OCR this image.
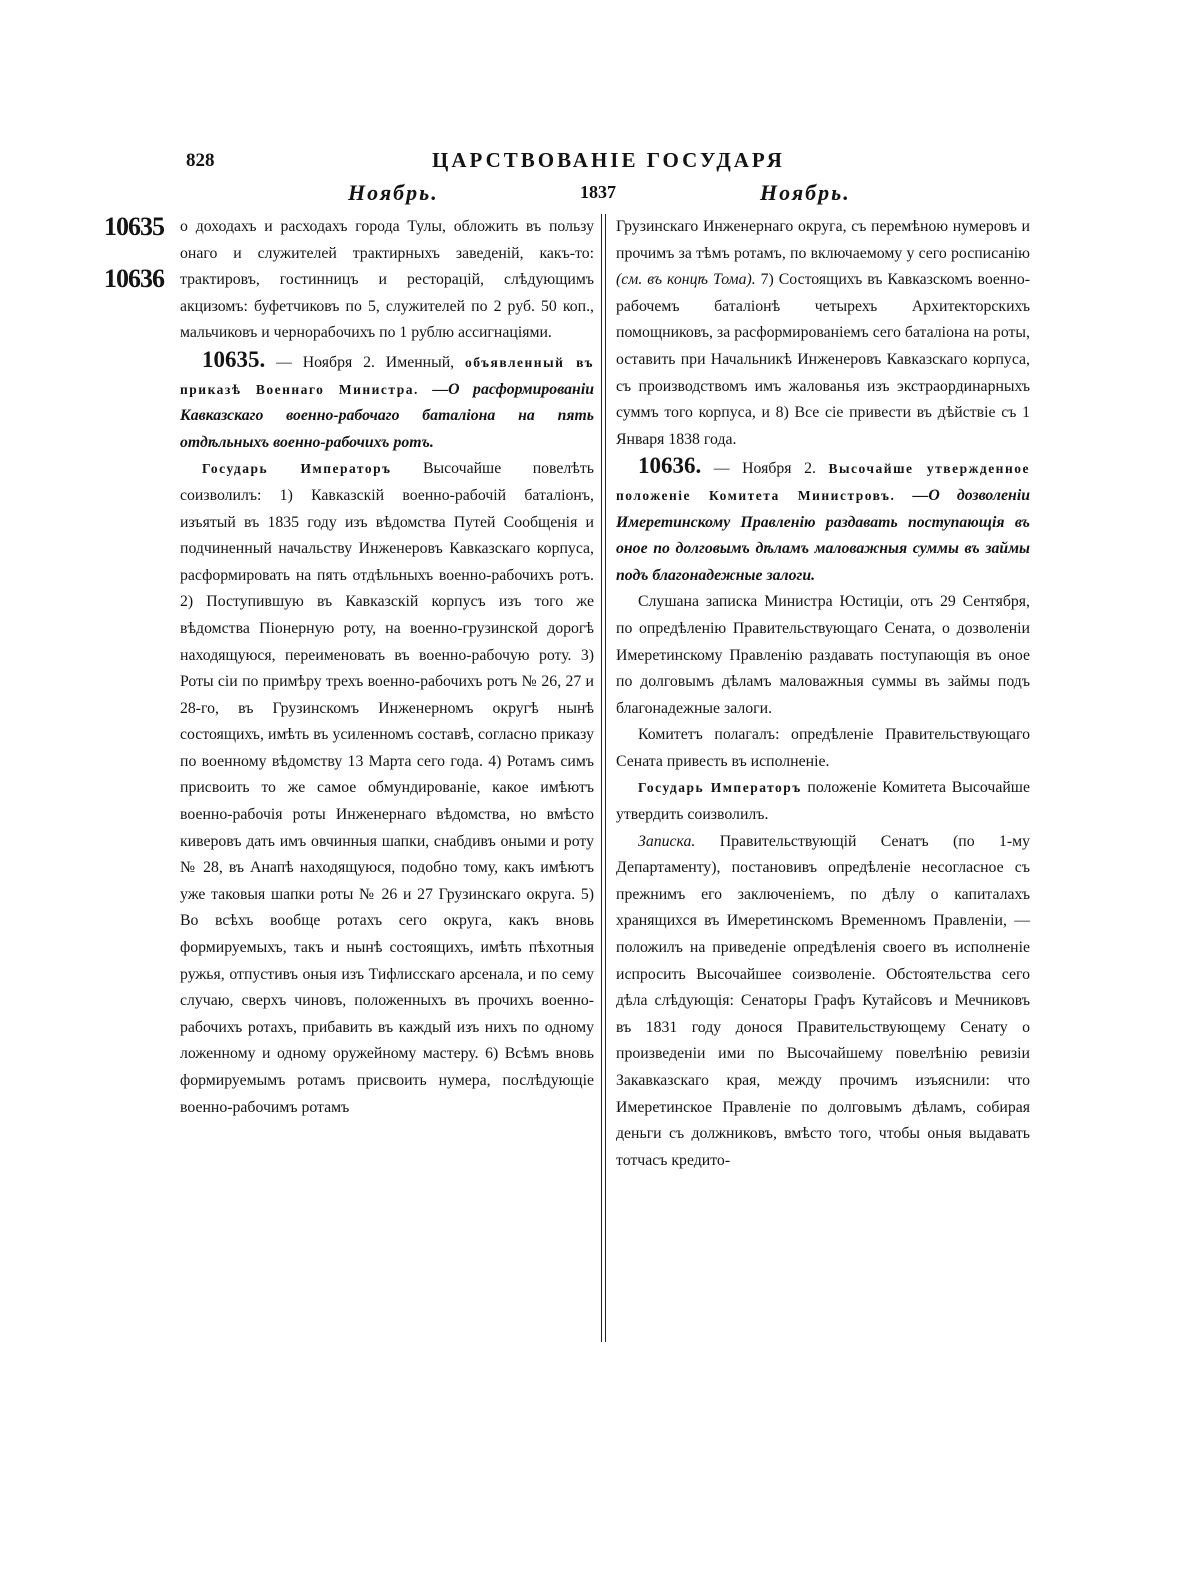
828	ЦАРСТВОВАНІЕ ГОСУДАРЯ
Ноябрь.	1837	Ноябрь.
10635
10636

о доходахъ и расходахъ города Тулы, обложить въ пользу онаго и служителей трактирныхъ заведеній, какъ-то: трактировъ, гостинницъ и ресторацій, слѣдующимъ акцизомъ: буфетчиковъ по 5, служителей по 2 руб. 50 коп., мальчиковъ и чернорабочихъ по 1 рублю ассигнаціями.

10635. — Ноября 2. Именный, объявленный въ приказѣ Военнаго Министра. —О расформированіи Кавказскаго военно-рабочаго баталіона на пять отдѣльныхъ военно-рабочихъ ротъ.

Государь Императоръ Высочайше повелѣть соизволилъ: 1) Кавказскій военно-рабочій баталіонъ, изъятый въ 1835 году изъ вѣдомства Путей Сообщенія и подчиненный начальству Инженеровъ Кавказскаго корпуса, расформировать на пять отдѣльныхъ военно-рабочихъ ротъ. 2) Поступившую въ Кавказскій корпусъ изъ того же вѣдомства Піонерную роту, на военно-грузинской дорогѣ находящуюся, переименовать въ военно-рабочую роту. 3) Роты сіи по примѣру трехъ военно-рабочихъ ротъ № 26, 27 и 28-го, въ Грузинскомъ Инженерномъ округѣ нынѣ состоящихъ, имѣть въ усиленномъ составѣ, согласно приказу по военному вѣдомству 13 Марта сего года. 4) Ротамъ симъ присвоить то же самое обмундированіе, какое имѣютъ военно-рабочія роты Инженернаго вѣдомства, но вмѣсто киверовъ дать имъ овчинныя шапки, снабдивъ оными и роту № 28, въ Анапѣ находящуюся, подобно тому, какъ имѣютъ уже таковыя шапки роты № 26 и 27 Грузинскаго округа. 5) Во всѣхъ вообще ротахъ сего округа, какъ вновь формируемыхъ, такъ и нынѣ состоящихъ, имѣть пѣхотныя ружья, отпустивъ оныя изъ Тифлисскаго арсенала, и по сему случаю, сверхъ чиновъ, положенныхъ въ прочихъ военно-рабочихъ ротахъ, прибавить въ каждый изъ нихъ по одному ложенному и одному оружейному мастеру. 6) Всѣмъ вновь формируемымъ ротамъ присвоить нумера, послѣдующіе военно-рабочимъ ротамъ

Грузинскаго Инженернаго округа, съ перемѣною нумеровъ и прочимъ за тѣмъ ротамъ, по включаемому у сего росписанію (см. въ концѣ Тома). 7) Состоящихъ въ Кавказскомъ военно-рабочемъ баталіонѣ четырехъ Архитекторскихъ помощниковъ, за расформированіемъ сего баталіона на роты, оставить при Начальникѣ Инженеровъ Кавказскаго корпуса, съ производствомъ имъ жалованья изъ экстраординарныхъ суммъ того корпуса, и 8) Все сіе привести въ дѣйствіе съ 1 Января 1838 года.

10636. — Ноября 2. Высочайше утвержденное положеніе Комитета Министровъ. —О дозволеніи Имеретинскому Правленію раздавать поступающія въ оное по долговымъ дѣламъ маловажныя суммы въ займы подъ благонадежные залоги.

Слушана записка Министра Юстиціи, отъ 29 Сентября, по опредѣленію Правительствующаго Сената, о дозволеніи Имеретинскому Правленію раздавать поступающія въ оное по долговымъ дѣламъ маловажныя суммы въ займы подъ благонадежные залоги.

Комитетъ полагалъ: опредѣленіе Правительствующаго Сената привесть въ исполненіе.

Государь Императоръ положеніе Комитета Высочайше утвердить соизволилъ.

Записка. Правительствующій Сенатъ (по 1-му Департаменту), постановивъ опредѣленіе несогласное съ прежнимъ его заключеніемъ, по дѣлу о капиталахъ хранящихся въ Имеретинскомъ Временномъ Правленіи, — положилъ на приведеніе опредѣленія своего въ исполненіе испросить Высочайшее соизволеніе. Обстоятельства сего дѣла слѣдующія: Сенаторы Графъ Кутайсовъ и Мечниковъ въ 1831 году донося Правительствующему Сенату о произведеніи ими по Высочайшему повелѣнію ревизіи Закавказскаго края, между прочимъ изъяснили: что Имеретинское Правленіе по долговымъ дѣламъ, собирая деньги съ должниковъ, вмѣсто того, чтобы оныя выдавать тотчасъ кредито-
